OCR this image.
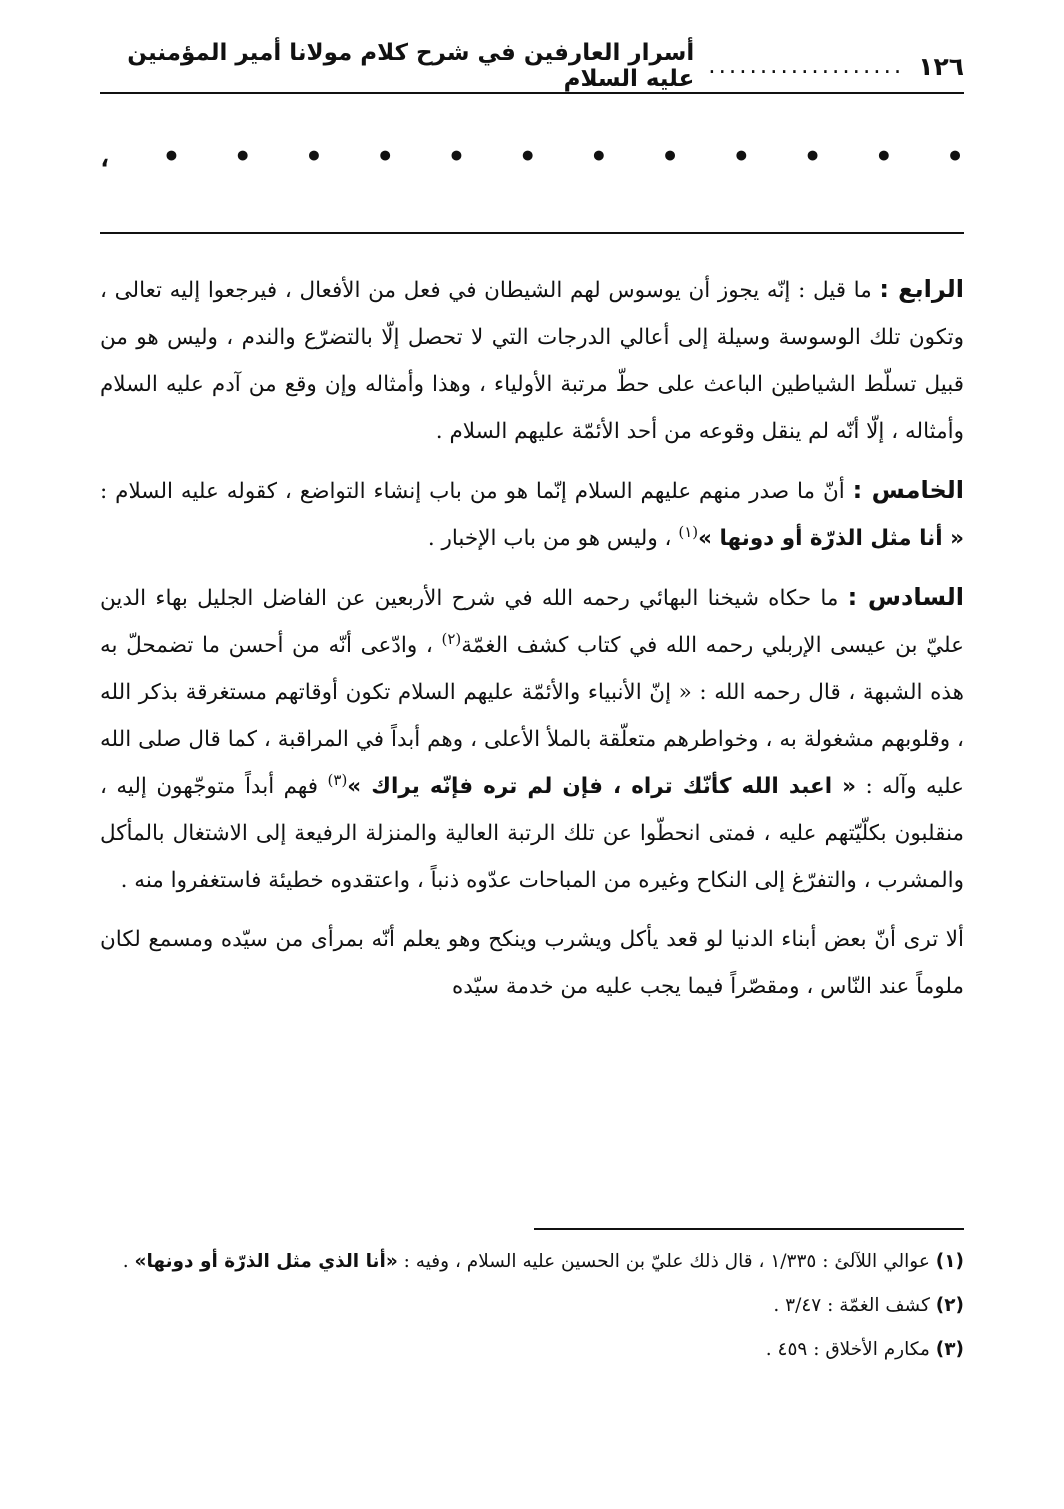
١٢٦
...................
أسرار العارفين في شرح كلام مولانا أمير المؤمنين عليه السلام
•
•
•
•
•
•
•
•
•
•
•
•
،

الرابع : ما قيل : إنّه يجوز أن يوسوس لهم الشيطان في فعل من الأفعال ، فيرجعوا إليه تعالى ، وتكون تلك الوسوسة وسيلة إلى أعالي الدرجات التي لا تحصل إلّا بالتضرّع والندم ، وليس هو من قبيل تسلّط الشياطين الباعث على حطّ مرتبة الأولياء ، وهذا وأمثاله وإن وقع من آدم عليه السلام وأمثاله ، إلّا أنّه لم ينقل وقوعه من أحد الأئمّة عليهم السلام .

الخامس : أنّ ما صدر منهم عليهم السلام إنّما هو من باب إنشاء التواضع ، كقوله عليه السلام : « أنا مثل الذرّة أو دونها »$^{(١)}$ ، وليس هو من باب الإخبار .

السادس : ما حكاه شيخنا البهائي رحمه الله في شرح الأربعين عن الفاضل الجليل بهاء الدين عليّ بن عيسى الإربلي رحمه الله في كتاب كشف الغمّة$^{(٢)}$ ، وادّعى أنّه من أحسن ما تضمحلّ به هذه الشبهة ، قال رحمه الله : « إنّ الأنبياء والأئمّة عليهم السلام تكون أوقاتهم مستغرقة بذكر الله ، وقلوبهم مشغولة به ، وخواطرهم متعلّقة بالملأ الأعلى ، وهم أبداً في المراقبة ، كما قال صلى الله عليه وآله : « اعبد الله كأنّك تراه ، فإن لم تره فإنّه يراك »$^{(٣)}$ فهم أبداً متوجّهون إليه ، منقلبون بكلّيّتهم عليه ، فمتى انحطّوا عن تلك الرتبة العالية والمنزلة الرفيعة إلى الاشتغال بالمأكل والمشرب ، والتفرّغ إلى النكاح وغيره من المباحات عدّوه ذنباً ، واعتقدوه خطيئة فاستغفروا منه .

ألا ترى أنّ بعض أبناء الدنيا لو قعد يأكل ويشرب وينكح وهو يعلم أنّه بمرأى من سيّده ومسمع لكان ملوماً عند النّاس ، ومقصّراً فيما يجب عليه من خدمة سيّده

(١) عوالي اللآلئ : ١/٣٣٥ ، قال ذلك عليّ بن الحسين عليه السلام ، وفيه : «أنا الذي مثل الذرّة أو دونها» .

(٢) كشف الغمّة : ٣/٤٧ .

(٣) مكارم الأخلاق : ٤٥٩ .
